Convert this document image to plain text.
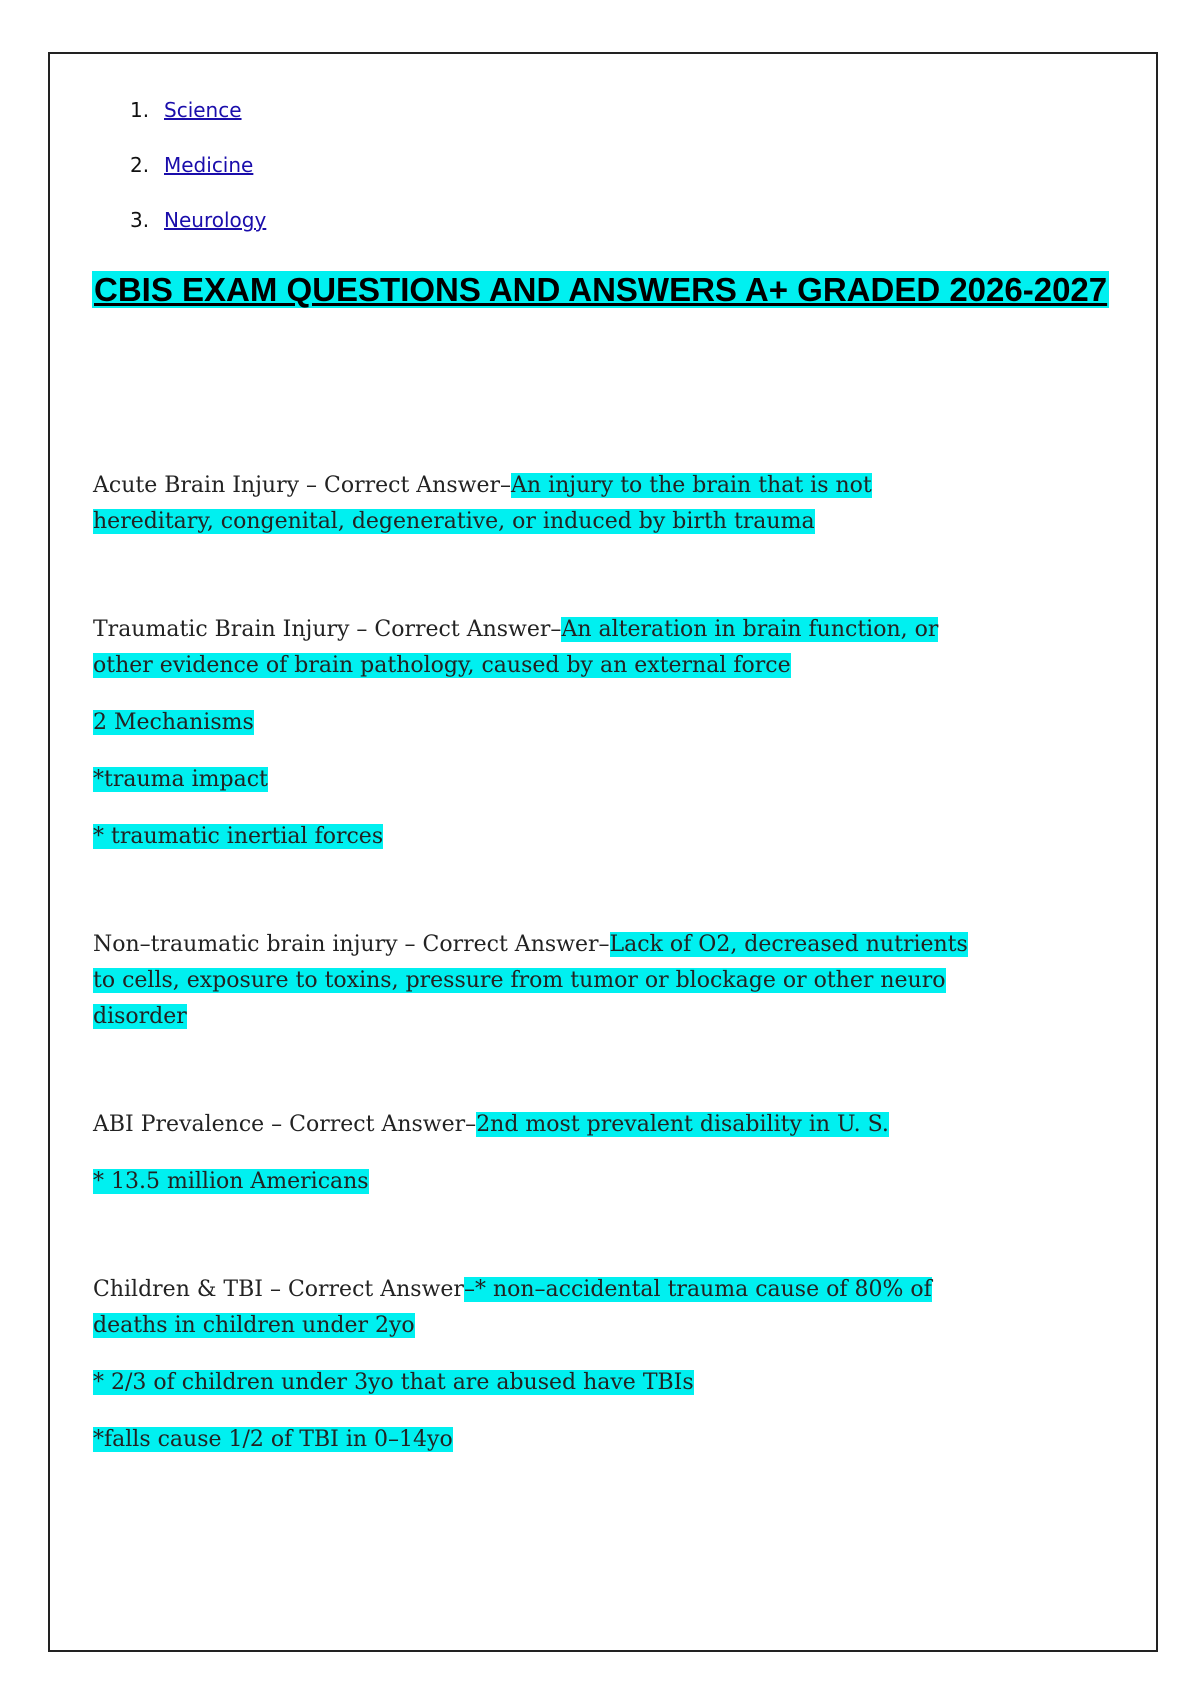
1. Science
2. Medicine
3. Neurology
CBIS EXAM QUESTIONS AND ANSWERS A+ GRADED 2026-2027

Acute Brain Injury – Correct Answer–An injury to the brain that is not hereditary, congenital, degenerative, or induced by birth trauma

Traumatic Brain Injury – Correct Answer–An alteration in brain function, or other evidence of brain pathology, caused by an external force

2 Mechanisms

*trauma impact

* traumatic inertial forces

Non–traumatic brain injury – Correct Answer–Lack of O2, decreased nutrients to cells, exposure to toxins, pressure from tumor or blockage or other neuro disorder

ABI Prevalence – Correct Answer–2nd most prevalent disability in U. S.

* 13.5 million Americans

Children & TBI – Correct Answer–* non–accidental trauma cause of 80% of deaths in children under 2yo

* 2/3 of children under 3yo that are abused have TBIs

*falls cause 1/2 of TBI in 0–14yo
